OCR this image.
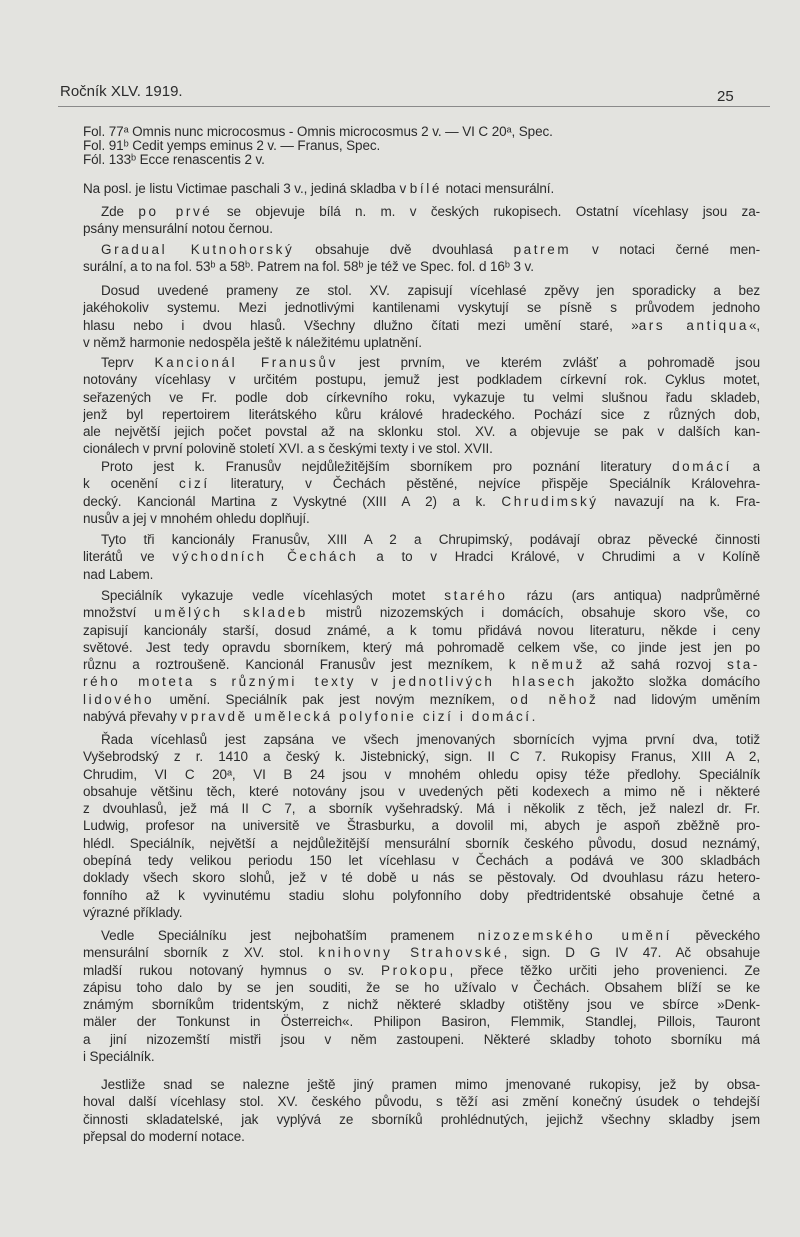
Ročník XLV. 1919.	25
Fol. 77ᵃ Omnis nunc microcosmus - Omnis microcosmus 2 v. — VI C 20ᵃ, Spec.
Fol. 91ᵇ Cedit yemps eminus 2 v. — Franus, Spec.
Fól. 133ᵇ Ecce renascentis 2 v.
Na posl. je listu Victimae paschali 3 v., jediná skladba v bílé notaci mensurální.
Zde po prvé se objevuje bílá n. m. v českých rukopisech. Ostatní vícehlasy jsou za-
psány mensurální notou černou.
Gradual Kutnohorský obsahuje dvě dvouhlasá patrem v notaci černé men-
surální, a to na fol. 53ᵇ a 58ᵇ. Patrem na fol. 58ᵇ je též ve Spec. fol. d 16ᵇ 3 v.
Dosud uvedené prameny ze stol. XV. zapisují vícehlasé zpěvy jen sporadicky a bez
jakéhokoliv systemu. Mezi jednotlivými kantilenami vyskytují se písně s průvodem jednoho
hlasu nebo i dvou hlasů. Všechny dlužno čítati mezi umění staré, »ars antiqua«,
v němž harmonie nedospěla ještě k náležitému uplatnění.
Teprv Kancionál Franusův jest prvním, ve kterém zvlášť a pohromadě jsou
notovány vícehlasy v určitém postupu, jemuž jest podkladem církevní rok. Cyklus motet,
seřazených ve Fr. podle dob církevního roku, vykazuje tu velmi slušnou řadu skladeb,
jenž byl repertoirem literátského kůru králové hradeckého. Pochází sice z různých dob,
ale největší jejich počet povstal až na sklonku stol. XV. a objevuje se pak v dalších kan-
cionálech v první polovině století XVI. a s českými texty i ve stol. XVII.
Proto jest k. Franusův nejdůležitějším sborníkem pro poznání literatury domácí a
k ocenění cizí literatury, v Čechách pěstěné, nejvíce přispěje Speciálník Královehra-
decký. Kancionál Martina z Vyskytné (XIII A 2) a k. Chrudimský navazují na k. Fra-
nusův a jej v mnohém ohledu doplňují.
Tyto tři kancionály Franusův, XIII A 2 a Chrupimský, podávají obraz pěvecké činnosti
literátů ve východních Čechách a to v Hradci Králové, v Chrudimi a v Kolíně
nad Labem.
Speciálník vykazuje vedle vícehlasých motet starého rázu (ars antiqua) nadprůměrné
množství umělých skladeb mistrů nizozemských i domácích, obsahuje skoro vše, co
zapisují kancionály starší, dosud známé, a k tomu přidává novou literaturu, někde i ceny
světové. Jest tedy opravdu sborníkem, který má pohromadě celkem vše, co jinde jest jen po
různu a roztroušeně. Kancionál Franusův jest mezníkem, k němuž až sahá rozvoj sta-
rého moteta s různými texty v jednotlivých hlasech jakožto složka domácího
lidového umění. Speciálník pak jest novým mezníkem, od něhož nad lidovým uměním
nabývá převahy v pravdě umělecká polyfonie cizí i domácí.
Řada vícehlasů jest zapsána ve všech jmenovaných sbornících vyjma první dva, totiž
Vyšebrodský z r. 1410 a český k. Jistebnický, sign. II C 7. Rukopisy Franus, XIII A 2,
Chrudim, VI C 20ᵃ, VI B 24 jsou v mnohém ohledu opisy téže předlohy. Speciálník
obsahuje většinu těch, které notovány jsou v uvedených pěti kodexech a mimo ně i některé
z dvouhlasů, jež má II C 7, a sborník vyšehradský. Má i několik z těch, jež nalezl dr. Fr.
Ludwig, profesor na universitě ve Štrasburku, a dovolil mi, abych je aspoň zběžně pro-
hlédl. Speciálník, největší a nejdůležitější mensurální sborník českého původu, dosud neznámý,
obepíná tedy velikou periodu 150 let vícehlasu v Čechách a podává ve 300 skladbách
doklady všech skoro slohů, jež v té době u nás se pěstovaly. Od dvouhlasu rázu hetero-
fonního až k vyvinutému stadiu slohu polyfonního doby předtridentské obsahuje četné a
výrazné příklady.
Vedle Speciálníku jest nejbohatším pramenem nizozemského umění pěveckého
mensurální sborník z XV. stol. knihovny Strahovské, sign. D G IV 47. Ač obsahuje
mladší rukou notovaný hymnus o sv. Prokopu, přece těžko určiti jeho provenienci. Ze
zápisu toho dalo by se jen souditi, že se ho užívalo v Čechách. Obsahem blíží se ke
známým sborníkům tridentským, z nichž některé skladby otištěny jsou ve sbírce »Denk-
mäler der Tonkunst in Österreich«. Philipon Basiron, Flemmik, Standlej, Pillois, Tauront
a jiní nizozemští mistři jsou v něm zastoupeni. Některé skladby tohoto sborníku má
i Speciálník.
Jestliže snad se nalezne ještě jiný pramen mimo jmenované rukopisy, jež by obsa-
hoval další vícehlasy stol. XV. českého původu, s těží asi změní konečný úsudek o tehdejší
činnosti skladatelské, jak vyplývá ze sborníků prohlédnutých, jejichž všechny skladby jsem
přepsal do moderní notace.
